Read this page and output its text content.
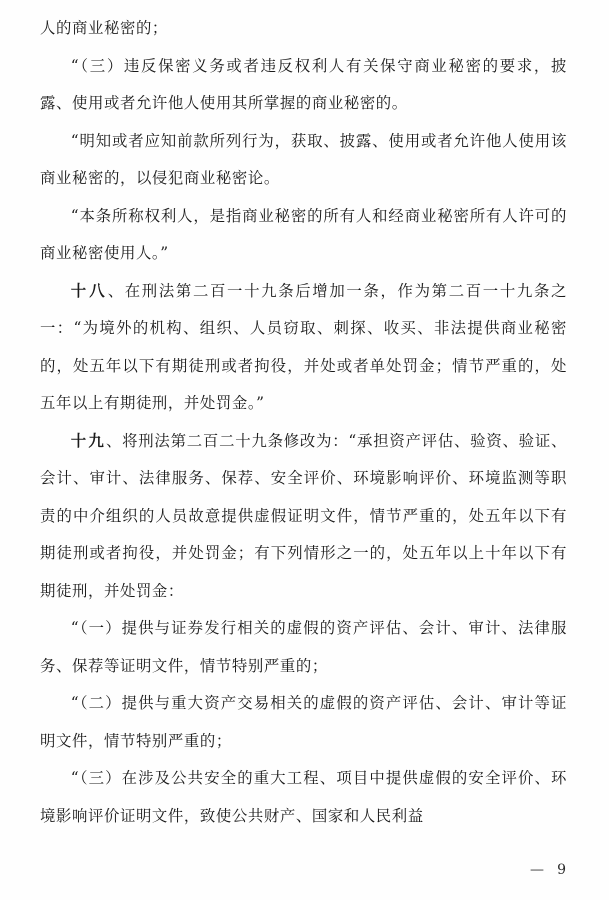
人的商业秘密的；

“（三）违反保密义务或者违反权利人有关保守商业秘密的要求，披露、使用或者允许他人使用其所掌握的商业秘密的。

“明知或者应知前款所列行为，获取、披露、使用或者允许他人使用该商业秘密的，以侵犯商业秘密论。

“本条所称权利人，是指商业秘密的所有人和经商业秘密所有人许可的商业秘密使用人。”

十八、在刑法第二百一十九条后增加一条，作为第二百一十九条之一：“为境外的机构、组织、人员窃取、刺探、收买、非法提供商业秘密的，处五年以下有期徒刑或者拘役，并处或者单处罚金；情节严重的，处五年以上有期徒刑，并处罚金。”

十九、将刑法第二百二十九条修改为：“承担资产评估、验资、验证、会计、审计、法律服务、保荐、安全评价、环境影响评价、环境监测等职责的中介组织的人员故意提供虚假证明文件，情节严重的，处五年以下有期徒刑或者拘役，并处罚金；有下列情形之一的，处五年以上十年以下有期徒刑，并处罚金：

“（一）提供与证券发行相关的虚假的资产评估、会计、审计、法律服务、保荐等证明文件，情节特别严重的；

“（二）提供与重大资产交易相关的虚假的资产评估、会计、审计等证明文件，情节特别严重的；

“（三）在涉及公共安全的重大工程、项目中提供虚假的安全评价、环境影响评价证明文件，致使公共财产、国家和人民利益

— 9
